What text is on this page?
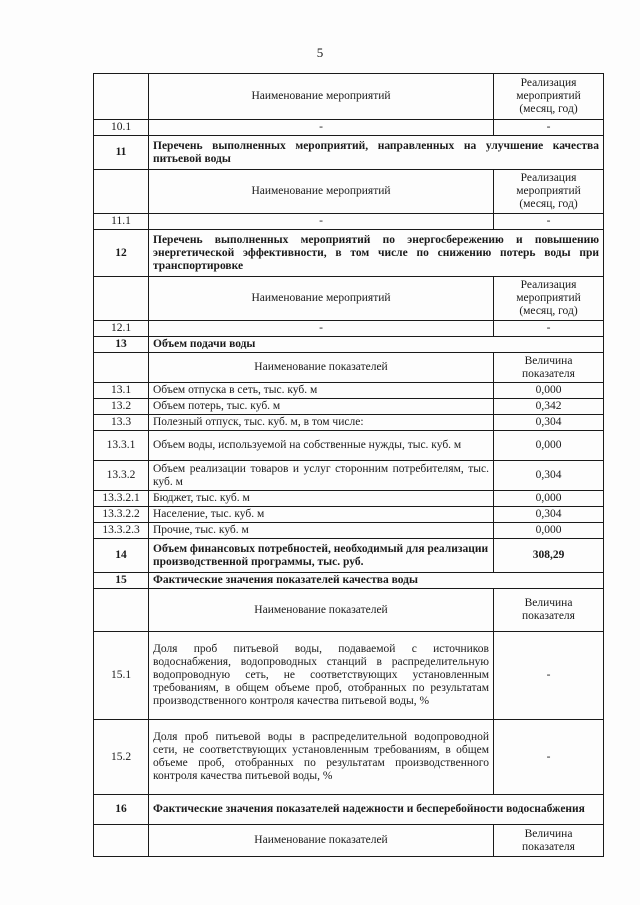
5
	Наименование мероприятий	Реализация мероприятий (месяц, год)
10.1	-	-
11	Перечень выполненных мероприятий, направленных на улучшение качества питьевой воды	
	Наименование мероприятий	Реализация мероприятий (месяц, год)
11.1	-	-
12	Перечень выполненных мероприятий по энергосбережению и повышению энергетической эффективности, в том числе по снижению потерь воды при транспортировке	
	Наименование мероприятий	Реализация мероприятий (месяц, год)
12.1	-	-
13	Объем подачи воды	
	Наименование показателей	Величина показателя
13.1	Объем отпуска в сеть, тыс. куб. м	0,000
13.2	Объем потерь, тыс. куб. м	0,342
13.3	Полезный отпуск, тыс. куб. м, в том числе:	0,304
13.3.1	Объем воды, используемой на собственные нужды, тыс. куб. м	0,000
13.3.2	Объем реализации товаров и услуг сторонним потребителям, тыс. куб. м	0,304
13.3.2.1	Бюджет, тыс. куб. м	0,000
13.3.2.2	Население, тыс. куб. м	0,304
13.3.2.3	Прочие, тыс. куб. м	0,000
14	Объем финансовых потребностей, необходимый для реализации производственной программы, тыс. руб.	308,29
15	Фактические значения показателей качества воды	
	Наименование показателей	Величина показателя
15.1	Доля проб питьевой воды, подаваемой с источников водоснабжения, водопроводных станций в распределительную водопроводную сеть, не соответствующих установленным требованиям, в общем объеме проб, отобранных по результатам производственного контроля качества питьевой воды, %	-
15.2	Доля проб питьевой воды в распределительной водопроводной сети, не соответствующих установленным требованиям, в общем объеме проб, отобранных по результатам производственного контроля качества питьевой воды, %	-
16	Фактические значения показателей надежности и бесперебойности водоснабжения	
	Наименование показателей	Величина показателя
